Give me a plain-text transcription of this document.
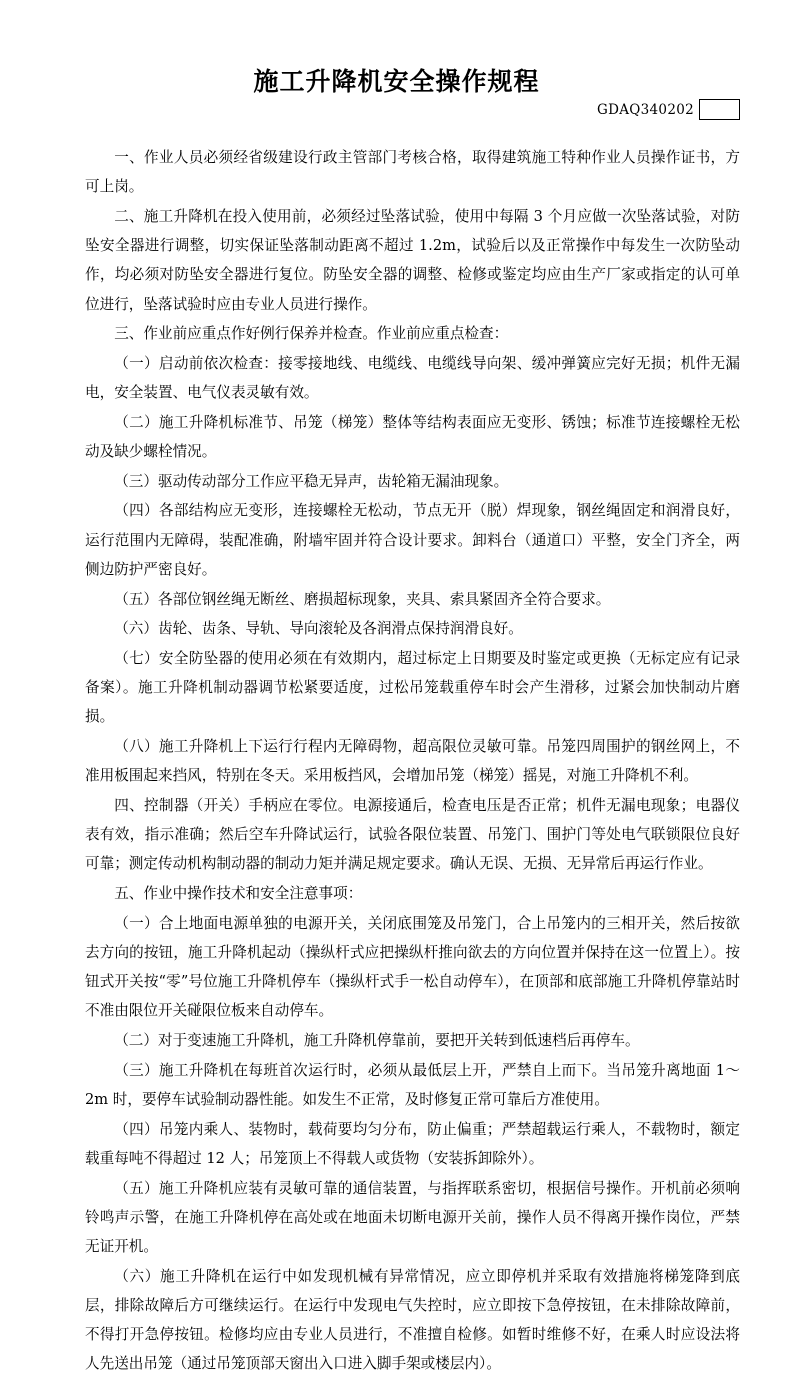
施工升降机安全操作规程
GDAQ340202

一、作业人员必须经省级建设行政主管部门考核合格，取得建筑施工特种作业人员操作证书，方可上岗。

二、施工升降机在投入使用前，必须经过坠落试验，使用中每隔 3 个月应做一次坠落试验，对防坠安全器进行调整，切实保证坠落制动距离不超过 1.2m，试验后以及正常操作中每发生一次防坠动作，均必须对防坠安全器进行复位。防坠安全器的调整、检修或鉴定均应由生产厂家或指定的认可单位进行，坠落试验时应由专业人员进行操作。

三、作业前应重点作好例行保养并检查。作业前应重点检查：

（一）启动前依次检查：接零接地线、电缆线、电缆线导向架、缓冲弹簧应完好无损；机件无漏电，安全装置、电气仪表灵敏有效。

（二）施工升降机标准节、吊笼（梯笼）整体等结构表面应无变形、锈蚀；标准节连接螺栓无松动及缺少螺栓情况。

（三）驱动传动部分工作应平稳无异声，齿轮箱无漏油现象。

（四）各部结构应无变形，连接螺栓无松动，节点无开（脱）焊现象，钢丝绳固定和润滑良好，运行范围内无障碍，装配准确，附墙牢固并符合设计要求。卸料台（通道口）平整，安全门齐全，两侧边防护严密良好。

（五）各部位钢丝绳无断丝、磨损超标现象，夹具、索具紧固齐全符合要求。

（六）齿轮、齿条、导轨、导向滚轮及各润滑点保持润滑良好。

（七）安全防坠器的使用必须在有效期内，超过标定上日期要及时鉴定或更换（无标定应有记录备案）。施工升降机制动器调节松紧要适度，过松吊笼载重停车时会产生滑移，过紧会加快制动片磨损。

（八）施工升降机上下运行行程内无障碍物，超高限位灵敏可靠。吊笼四周围护的钢丝网上，不准用板围起来挡风，特别在冬天。采用板挡风，会增加吊笼（梯笼）摇晃，对施工升降机不利。

四、控制器（开关）手柄应在零位。电源接通后，检查电压是否正常；机件无漏电现象；电器仪表有效，指示准确；然后空车升降试运行，试验各限位装置、吊笼门、围护门等处电气联锁限位良好可靠；测定传动机构制动器的制动力矩并满足规定要求。确认无误、无损、无异常后再运行作业。

五、作业中操作技术和安全注意事项：

（一）合上地面电源单独的电源开关，关闭底围笼及吊笼门，合上吊笼内的三相开关，然后按欲去方向的按钮，施工升降机起动（操纵杆式应把操纵杆推向欲去的方向位置并保持在这一位置上）。按钮式开关按“零”号位施工升降机停车（操纵杆式手一松自动停车），在顶部和底部施工升降机停靠站时不准由限位开关碰限位板来自动停车。

（二）对于变速施工升降机，施工升降机停靠前，要把开关转到低速档后再停车。

（三）施工升降机在每班首次运行时，必须从最低层上开，严禁自上而下。当吊笼升离地面 1～2m 时，要停车试验制动器性能。如发生不正常，及时修复正常可靠后方准使用。

（四）吊笼内乘人、装物时，载荷要均匀分布，防止偏重；严禁超载运行乘人，不载物时，额定载重每吨不得超过 12 人；吊笼顶上不得载人或货物（安装拆卸除外）。

（五）施工升降机应装有灵敏可靠的通信装置，与指挥联系密切，根据信号操作。开机前必须响铃鸣声示警，在施工升降机停在高处或在地面未切断电源开关前，操作人员不得离开操作岗位，严禁无证开机。

（六）施工升降机在运行中如发现机械有异常情况，应立即停机并采取有效措施将梯笼降到底层，排除故障后方可继续运行。在运行中发现电气失控时，应立即按下急停按钮，在未排除故障前，不得打开急停按钮。检修均应由专业人员进行，不准擅自检修。如暂时维修不好，在乘人时应设法将人先送出吊笼（通过吊笼顶部天窗出入口进入脚手架或楼层内）。
